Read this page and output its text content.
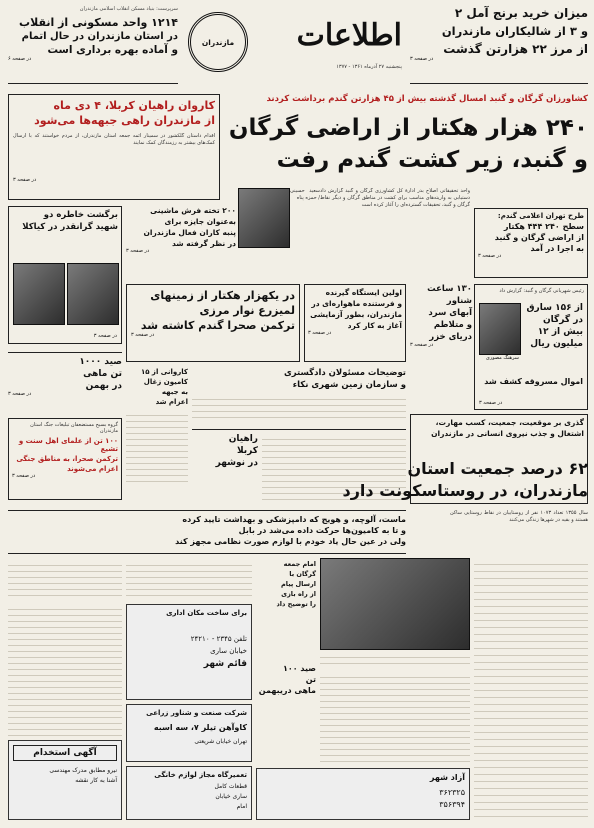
سرپرست: بنیاد مسکن انقلاب اسلامی مازندران
۱۲۱۴ واحد مسکونی از انقلاب
در استان مازندران در حال اتمام
و آماده بهره برداری است
در صفحه ۶
مازندران اطلاعات
پنجشنبه ۲۷ آذرماه ۱۳۶۱ - ۱۳۷۷
میزان خرید برنج آمل ۲
و ۳ از شالیکاران مازندران
از مرز ۲۲ هزارتن گذشت
در صفحه ۳
کشاورزان گرگان و گنبد امسال گذشته بیش از ۴۵ هزارتن گندم برداشت کردند
کاروان راهیان کربلا، ۴ دی ماه
از مازندران راهی جبهه‌ها می‌شود
اقدام داستان گلکشور در سمینار ائمه جمعه استان مازندران، از مردم خواستند که با ارسال کمک‌های بیشتر به رزمندگان کمک نمایند
در صفحه ۳
۲۴۰ هزار هکتار از اراضی گرگان
و گنبد، زیر کشت گندم رفت
واحد تحقیقاتی اصلاح بذر ادارهٔ کل کشاورزی گرگان و گنبد گزارش داد دستیابی به واریته‌های مناسب برای کشت در مناطق گرگان و دیگر نقاط گرگان و گنبد، تحقیقات گسترده‌ای را آغاز کرده است
سعید حسینی / حمزه پناه
طرح تهران اعلامی گندم:
سطح ۲۴۰ ۴۴۴ هکتار
از اراضی گرگان و گنبد
به اجرا در آمد
در صفحه ۳
برگشت خاطره دو
شهید گرانقدر در کیاکلا
در صفحه ۳
۲۰۰ تخته فرش ماشینی
به‌عنوان جایزه برای
پنبه کاران فعال مازندران
در نظر گرفته شد
در صفحه ۳
در یکهزار هکتار از زمینهای
لمیزرع نوار مرزی
ترکمن صحرا گندم کاشته شد
در صفحه ۳
اولین ایستگاه گیرنده
و فرستنده ماهواره‌ای در
مازندران، بطور آزمایشی
آغاز به کار کرد
در صفحه ۳
۱۳۰ ساعت
شناور
آبهای سرد
و متلاطم
دریای خزر
در صفحه ۳
رئیس شهربانی گرگان و گنبد: گزارش داد
سرهنگ مصوری
از ۱۵۶ سارق
در گرگان
بیش از ۱۲
میلیون ریال
اموال مسروقه کشف شد
در صفحه ۳
صید ۱۰۰۰
تن ماهی
در بهمن
در صفحه ۳
گروه بسیج مستضعفان تبلیغات جنگ استان مازندران
۱۰۰ تن از علمای اهل سنت و تشیع
ترکمن صحرا، به مناطق جنگی
اعزام می‌شوند
در صفحه ۳
کاروانی از ۱۵
کامیون زغال
به جبهه
اعزام شد
توضیحات مسئولان دادگستری
و سازمان زمین شهری نکاء
راهیان
کربلا
در نوشهر
گذری بر موقعیت، جمعیت، کسب مهارت،
اشتغال و جذب نیروی انسانی در مازندران
۶۲ درصد جمعیت استان
مازندران، در روستاسکونت دارد
ماست، آلوچه، و هویج که دامپزشکی و بهداشت تایید کرده
و تا به کامیون‌ها حرکت داده می‌شد در بابل
ولی در عین حال یاد خودم با لوازم صورت نظامی مجهز کند
سال ۱۳۵۵ تعداد ۱۰۷۳ نفر از روستاییان در نقاط روستایی ساکن هستند و بقیه در شهرها زندگی می‌کنند
امام جمعه
گرگان با
ارسال پیام
از راه بازی
را توضیح داد
صید ۱۰۰
تن
ماهی دریبهمن
برای ساخت مکان اداری
تلفن ۲۳۴۵ - ۲۴۲۱۰
خیابان ساری
قائم شهر
شرکت صنعت و شناور زراعی
کاوآهن تیلر ۷، سه اسبه
تهران خیابان شریعتی
آگهی استخدام
نیرو مطابق مدرک مهندسی
آشنا به کار نقشه
تعمیرگاه مجاز لوازم خانگی
قطعات کامل
ساری خیابان
امام
آزاد شهر
۳۶۲۳۲۵
۳۵۶۳۹۴
